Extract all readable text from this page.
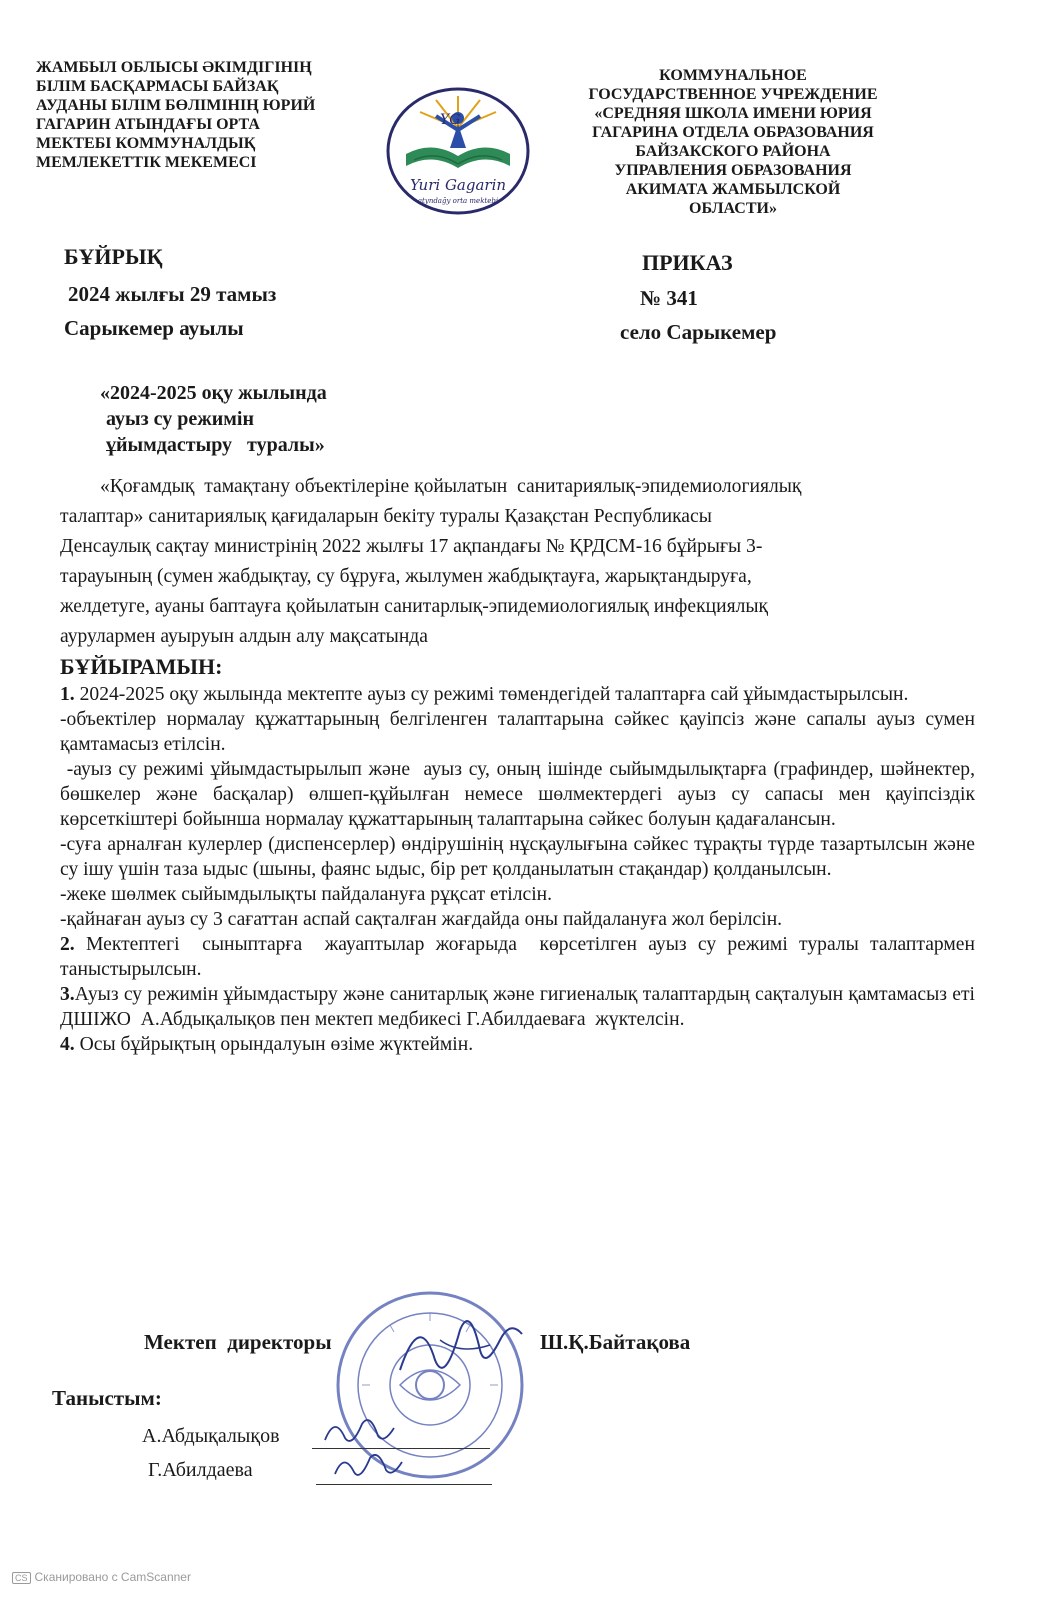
ЖАМБЫЛ ОБЛЫСЫ ӘКІМДІГІНІҢ
БІЛІМ БАСҚАРМАСЫ БАЙЗАҚ
АУДАНЫ БІЛІМ БӨЛІМІНІҢ ЮРИЙ
ГАГАРИН АТЫНДАҒЫ ОРТА
МЕКТЕБІ КОММУНАЛДЫҚ
МЕМЛЕКЕТТІК МЕКЕМЕСІ
YG
Yuri Gagarin
atyndağy orta mektebi
КОММУНАЛЬНОЕ
ГОСУДАРСТВЕННОЕ УЧРЕЖДЕНИЕ
«СРЕДНЯЯ ШКОЛА ИМЕНИ ЮРИЯ
ГАГАРИНА ОТДЕЛА ОБРАЗОВАНИЯ
БАЙЗАКСКОГО РАЙОНА
УПРАВЛЕНИЯ ОБРАЗОВАНИЯ
АКИМАТА ЖАМБЫЛСКОЙ
ОБЛАСТИ»
БҰЙРЫҚ
2024 жылғы 29 тамыз
Сарыкемер ауылы
ПРИКАЗ
№ 341
село Сарыкемер
«2024-2025 оқу жылында
ауыз су режимін
ұйымдастыру   туралы»
«Қоғамдық  тамақтану объектілеріне қойылатын  санитариялық-эпидемиологиялық
талаптар» санитариялық қағидаларын бекіту туралы Қазақстан Республикасы
Денсаулық сақтау министрінің 2022 жылғы 17 ақпандағы № ҚРДСМ-16 бұйрығы 3-
тарауының (сумен жабдықтау, су бұруға, жылумен жабдықтауға, жарықтандыруға,
желдетуге, ауаны баптауға қойылатын санитарлық-эпидемиологиялық инфекциялық
аурулармен ауыруын алдын алу мақсатында
БҰЙЫРАМЫН:

1. 2024-2025 оқу жылында мектепте ауыз су режимі төмендегідей талаптарға сай ұйымдастырылсын.

-объектілер нормалау құжаттарының белгіленген талаптарына сәйкес қауіпсіз және сапалы ауыз сумен қамтамасыз етілсін.

-ауыз су режимі ұйымдастырылып және  ауыз су, оның ішінде сыйымдылықтарға (графиндер, шәйнектер, бөшкелер және басқалар) өлшеп-құйылған немесе шөлмектердегі ауыз су сапасы мен қауіпсіздік көрсеткіштері бойынша нормалау құжаттарының талаптарына сәйкес болуын қадағалансын.

-суға арналған кулерлер (диспенсерлер) өндірушінің нұсқаулығына сәйкес тұрақты түрде тазартылсын және су ішу үшін таза ыдыс (шыны, фаянс ыдыс, бір рет қолданылатын стақандар) қолданылсын.

-жеке шөлмек сыйымдылықты пайдалануға рұқсат етілсін.

-қайнаған ауыз су 3 сағаттан аспай сақталған жағдайда оны пайдалануға жол берілсін.

2. Мектептегі  сыныптарға  жауаптылар жоғарыда  көрсетілген ауыз су режимі туралы талаптармен таныстырылсын.

3.Ауыз су режимін ұйымдастыру және санитарлық және гигиеналық талаптардың сақталуын қамтамасыз еті ДШІЖО  А.Абдықалықов пен мектеп медбикесі Г.Абилдаеваға  жүктелсін.

4. Осы бұйрықтың орындалуын өзіме жүктеймін.

Мектеп  директоры	Ш.Қ.Байтақова
Таныстым:
А.Абдықалықов
Г.Абилдаева
CS Сканировано с CamScanner
